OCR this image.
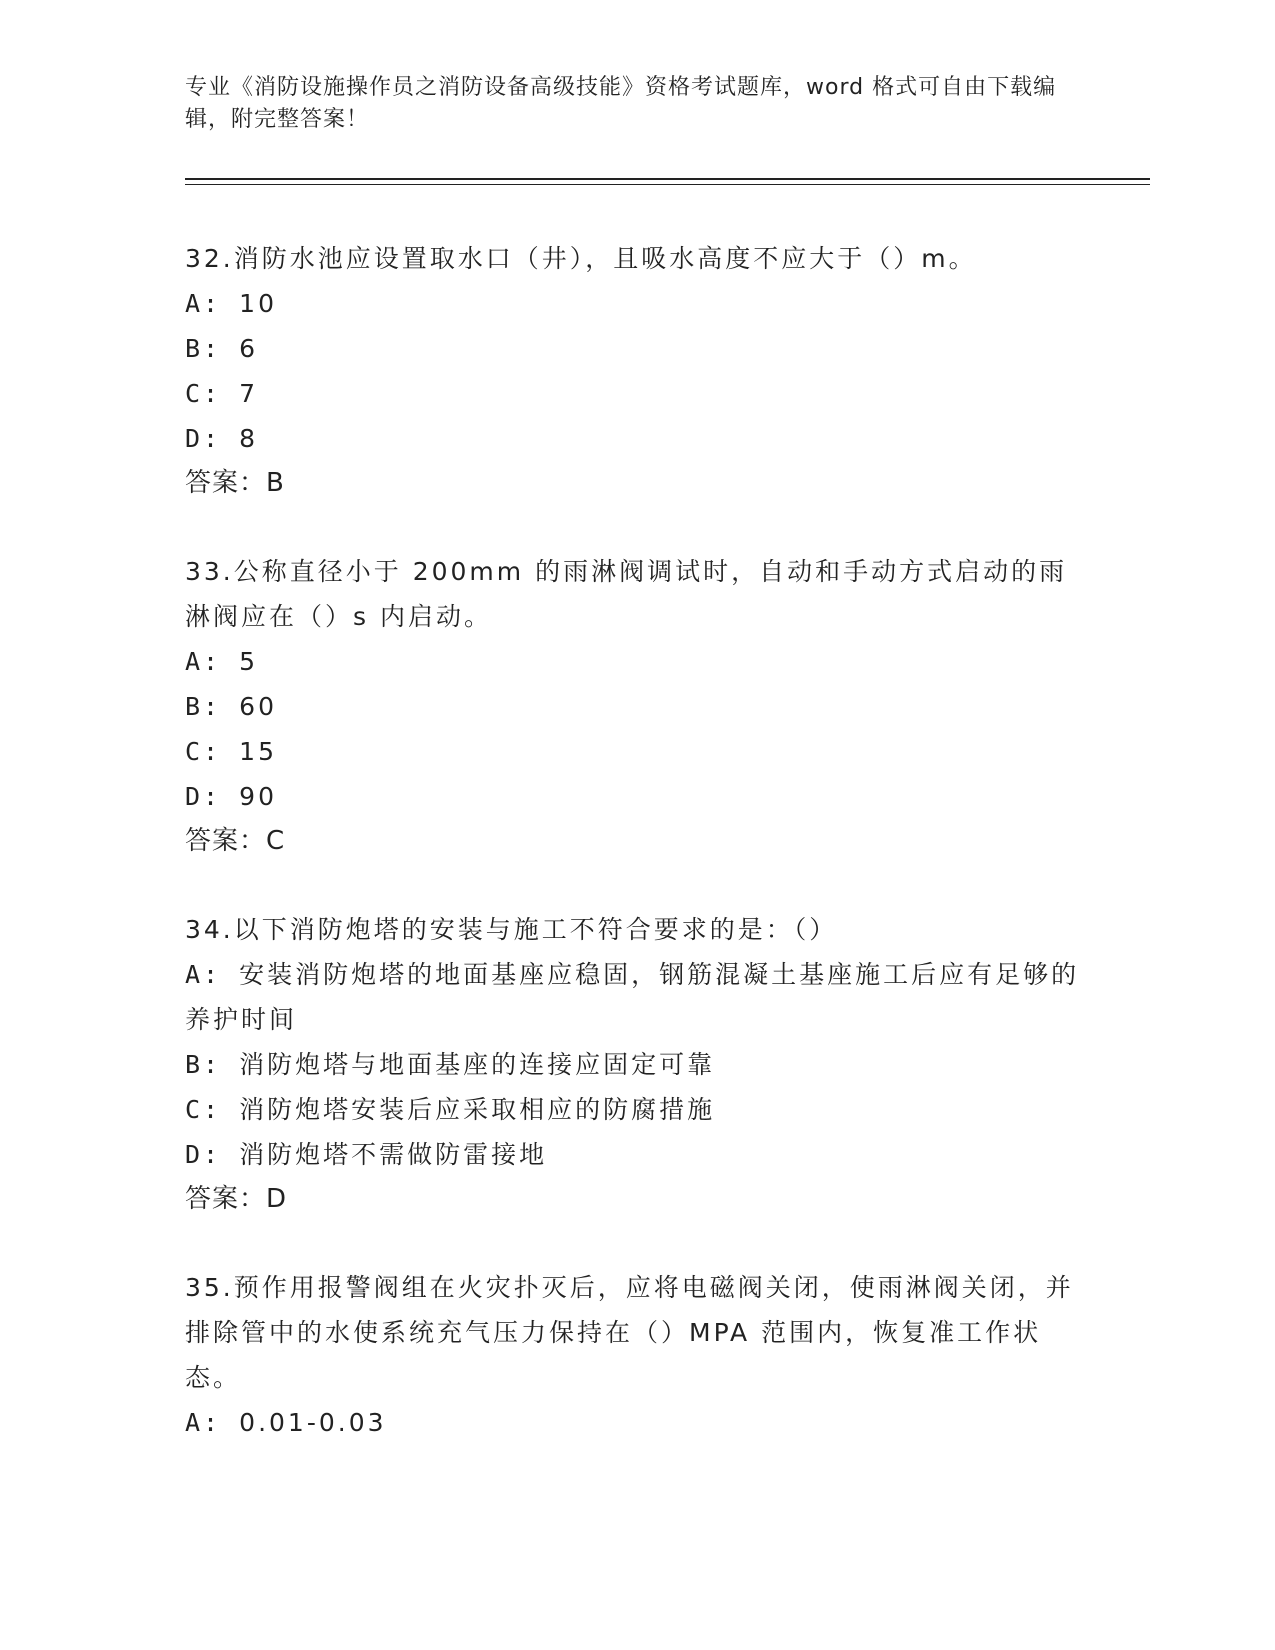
专业《消防设施操作员之消防设备高级技能》资格考试题库，word 格式可自由下载编辑，附完整答案！

32.消防水池应设置取水口（井），且吸水高度不应大于（）m。

A: 10

B: 6

C: 7

D: 8

答案：B

33.公称直径小于 200mm 的雨淋阀调试时，自动和手动方式启动的雨淋阀应在（）s 内启动。

A: 5

B: 60

C: 15

D: 90

答案：C

34.以下消防炮塔的安装与施工不符合要求的是：（）

A: 安装消防炮塔的地面基座应稳固，钢筋混凝土基座施工后应有足够的养护时间

B: 消防炮塔与地面基座的连接应固定可靠

C: 消防炮塔安装后应采取相应的防腐措施

D: 消防炮塔不需做防雷接地

答案：D

35.预作用报警阀组在火灾扑灭后，应将电磁阀关闭，使雨淋阀关闭，并排除管中的水使系统充气压力保持在（）MPA 范围内，恢复准工作状态。

A: 0.01-0.03
